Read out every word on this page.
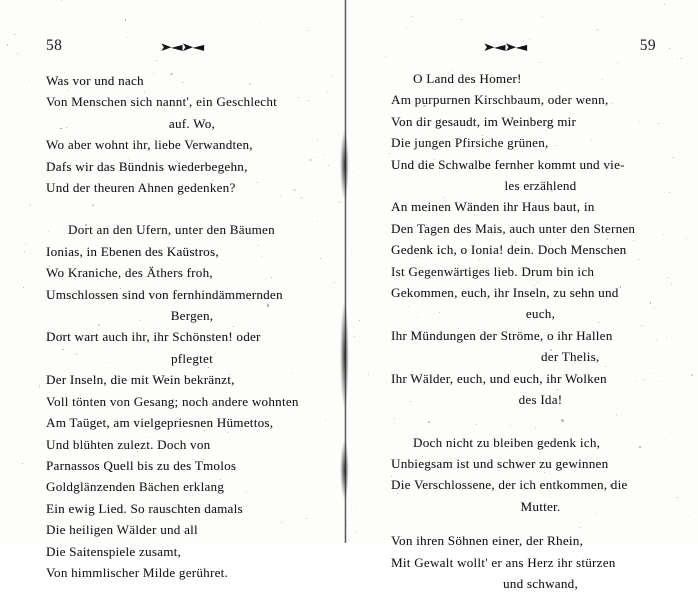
58
Was vor und nach
Von Menschen sich nannt', ein Geschlecht
auf. Wo,
Wo aber wohnt ihr, liebe Verwandten,
Dafs wir das Bündnis wiederbegehn,
Und der theuren Ahnen gedenken?
Dort an den Ufern, unter den Bäumen
Ionias, in Ebenen des Kaüstros,
Wo Kraniche, des Äthers froh,
Umschlossen sind von fernhindämmernden
Bergen,
Dort wart auch ihr, ihr Schönsten! oder
pflegtet
Der Inseln, die mit Wein bekränzt,
Voll tönten von Gesang; noch andere wohnten
Am Taüget, am vielgepriesnen Hümettos,
Und blühten zulezt. Doch von
Parnassos Quell bis zu des Tmolos
Goldglänzenden Bächen erklang
Ein ewig Lied. So rauschten damals
Die heiligen Wälder und all
Die Saitenspiele zusamt,
Von himmlischer Milde gerühret.
➤◄➤◄	59
O Land des Homer!
Am purpurnen Kirschbaum, oder wenn,
Von dir gesaudt, im Weinberg mir
Die jungen Pfirsiche grünen,
Und die Schwalbe fernher kommt und vie-
les erzählend
An meinen Wänden ihr Haus baut, in
Den Tagen des Mais, auch unter den Sternen
Gedenk ich, o Ionia! dein. Doch Menschen
Ist Gegenwärtiges lieb. Drum bin ich
Gekommen, euch, ihr Inseln, zu sehn und
euch,
Ihr Mündungen der Ströme, o ihr Hallen
der Thelis,
Ihr Wälder, euch, und euch, ihr Wolken
des Ida!
Doch nicht zu bleiben gedenk ich,
Unbiegsam ist und schwer zu gewinnen
Die Verschlossene, der ich entkommen, die
Mutter.
Von ihren Söhnen einer, der Rhein,
Mit Gewalt wollt' er ans Herz ihr stürzen
und schwand,
➤◄➤◄
